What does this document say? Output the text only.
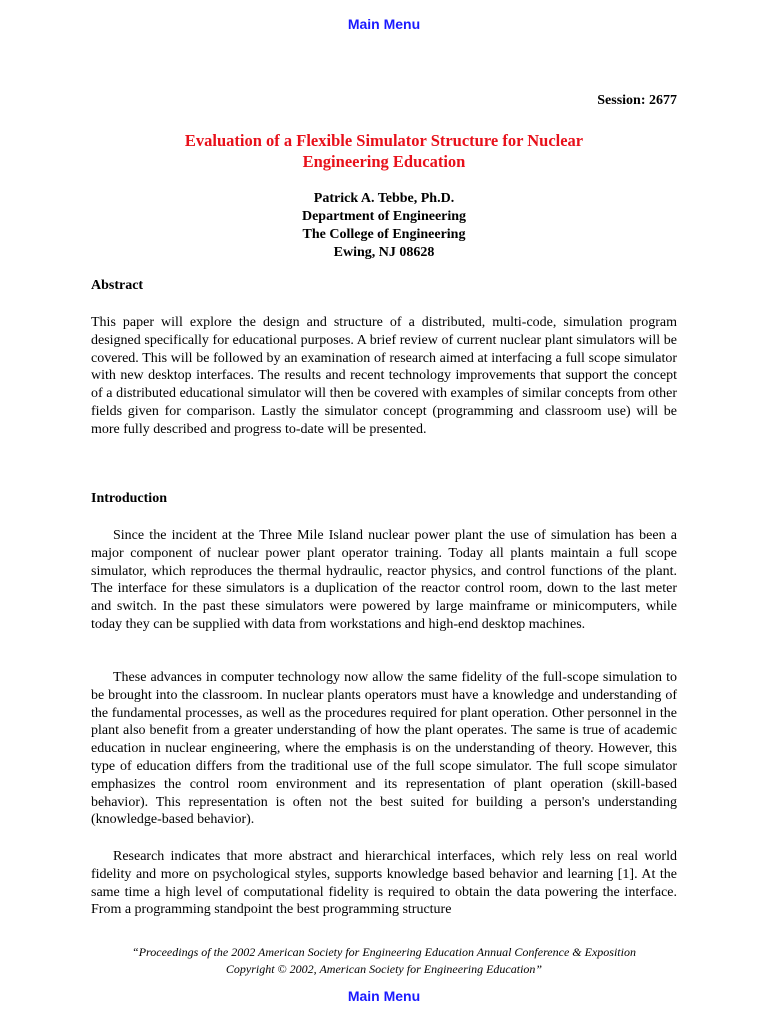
Main Menu
Session: 2677
Evaluation of a Flexible Simulator Structure for Nuclear
Engineering Education
Patrick A. Tebbe, Ph.D.
Department of Engineering
The College of Engineering
Ewing, NJ 08628
Abstract

This paper will explore the design and structure of a distributed, multi-code, simulation program designed specifically for educational purposes. A brief review of current nuclear plant simulators will be covered. This will be followed by an examination of research aimed at interfacing a full scope simulator with new desktop interfaces. The results and recent technology improvements that support the concept of a distributed educational simulator will then be covered with examples of similar concepts from other fields given for comparison. Lastly the simulator concept (programming and classroom use) will be more fully described and progress to-date will be presented.

Introduction

Since the incident at the Three Mile Island nuclear power plant the use of simulation has been a major component of nuclear power plant operator training. Today all plants maintain a full scope simulator, which reproduces the thermal hydraulic, reactor physics, and control functions of the plant. The interface for these simulators is a duplication of the reactor control room, down to the last meter and switch. In the past these simulators were powered by large mainframe or minicomputers, while today they can be supplied with data from workstations and high-end desktop machines.

These advances in computer technology now allow the same fidelity of the full-scope simulation to be brought into the classroom. In nuclear plants operators must have a knowledge and understanding of the fundamental processes, as well as the procedures required for plant operation. Other personnel in the plant also benefit from a greater understanding of how the plant operates. The same is true of academic education in nuclear engineering, where the emphasis is on the understanding of theory. However, this type of education differs from the traditional use of the full scope simulator. The full scope simulator emphasizes the control room environment and its representation of plant operation (skill-based behavior). This representation is often not the best suited for building a person's understanding (knowledge-based behavior).

Research indicates that more abstract and hierarchical interfaces, which rely less on real world fidelity and more on psychological styles, supports knowledge based behavior and learning [1]. At the same time a high level of computational fidelity is required to obtain the data powering the interface. From a programming standpoint the best programming structure

“Proceedings of the 2002 American Society for Engineering Education Annual Conference & Exposition
Copyright © 2002, American Society for Engineering Education”
Main Menu
